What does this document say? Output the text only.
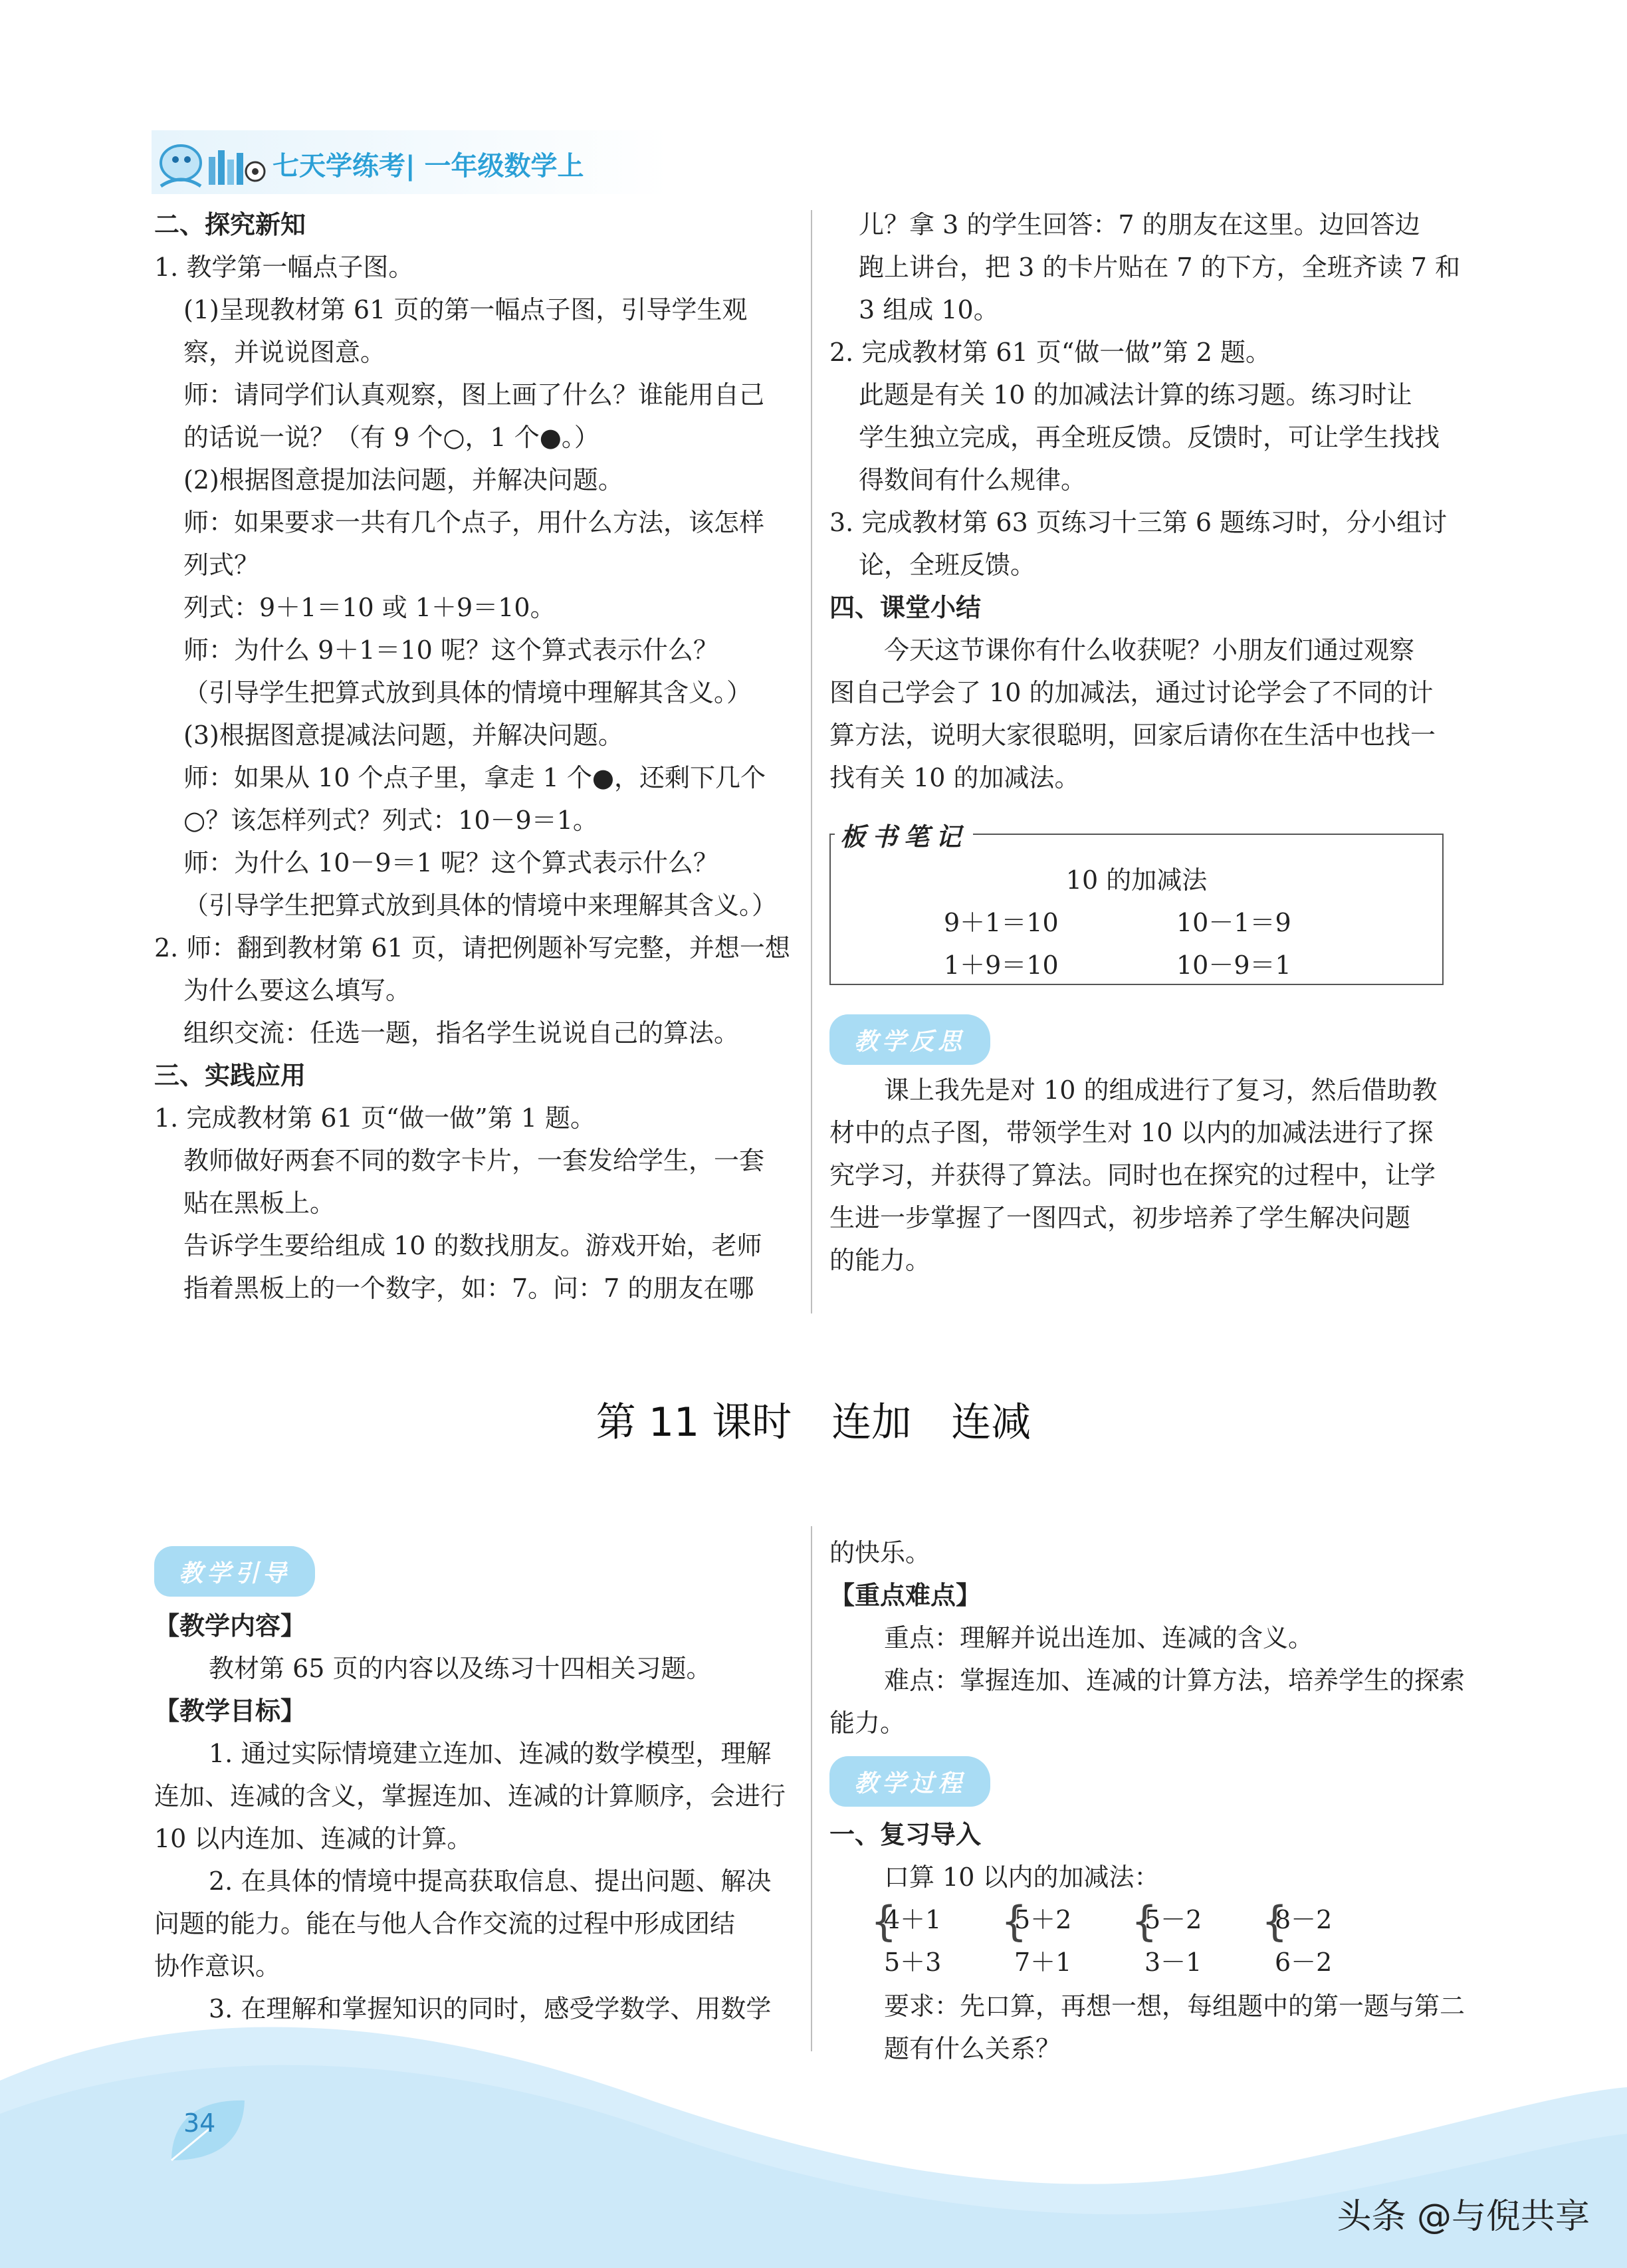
七天学练考| 一年级数学上
二、探究新知
1. 教学第一幅点子图。
(1)呈现教材第 61 页的第一幅点子图，引导学生观
察，并说说图意。
师：请同学们认真观察，图上画了什么？谁能用自己
的话说一说？（有 9 个○，1 个●。）
(2)根据图意提加法问题，并解决问题。
师：如果要求一共有几个点子，用什么方法，该怎样
列式？
列式：9＋1＝10 或 1＋9＝10。
师：为什么 9＋1＝10 呢？这个算式表示什么？
（引导学生把算式放到具体的情境中理解其含义。）
(3)根据图意提减法问题，并解决问题。
师：如果从 10 个点子里，拿走 1 个●，还剩下几个
○？该怎样列式？列式：10－9＝1。
师：为什么 10－9＝1 呢？这个算式表示什么？
（引导学生把算式放到具体的情境中来理解其含义。）
2. 师：翻到教材第 61 页，请把例题补写完整，并想一想
为什么要这么填写。
组织交流：任选一题，指名学生说说自己的算法。
三、实践应用
1. 完成教材第 61 页“做一做”第 1 题。
教师做好两套不同的数字卡片，一套发给学生，一套
贴在黑板上。
告诉学生要给组成 10 的数找朋友。游戏开始，老师
指着黑板上的一个数字，如：7。问：7 的朋友在哪
儿？拿 3 的学生回答：7 的朋友在这里。边回答边
跑上讲台，把 3 的卡片贴在 7 的下方，全班齐读 7 和
3 组成 10。
2. 完成教材第 61 页“做一做”第 2 题。
此题是有关 10 的加减法计算的练习题。练习时让
学生独立完成，再全班反馈。反馈时，可让学生找找
得数间有什么规律。
3. 完成教材第 63 页练习十三第 6 题练习时，分小组讨
论，全班反馈。
四、课堂小结
今天这节课你有什么收获呢？小朋友们通过观察
图自己学会了 10 的加减法，通过讨论学会了不同的计
算方法，说明大家很聪明，回家后请你在生活中也找一
找有关 10 的加减法。
10 的加减法
9＋1＝10	10－1＝9
1＋9＝10	10－9＝1
板书笔记
教学反思
课上我先是对 10 的组成进行了复习，然后借助教
材中的点子图，带领学生对 10 以内的加减法进行了探
究学习，并获得了算法。同时也在探究的过程中，让学
生进一步掌握了一图四式，初步培养了学生解决问题
的能力。
第 11 课时　连加　连减
教学引导
【教学内容】
教材第 65 页的内容以及练习十四相关习题。
【教学目标】
1. 通过实际情境建立连加、连减的数学模型，理解
连加、连减的含义，掌握连加、连减的计算顺序，会进行
10 以内连加、连减的计算。
2. 在具体的情境中提高获取信息、提出问题、解决
问题的能力。能在与他人合作交流的过程中形成团结
协作意识。
3. 在理解和掌握知识的同时，感受学数学、用数学
的快乐。
【重点难点】
重点：理解并说出连加、连减的含义。
难点：掌握连加、连减的计算方法，培养学生的探索
能力。
教学过程
一、复习导入
口算 10 以内的加减法：
{
4＋1
5＋3
{
5＋2
7＋1
{
5－2
3－1
{
8－2
6－2
要求：先口算，再想一想，每组题中的第一题与第二
题有什么关系？
34
头条 @与倪共享
